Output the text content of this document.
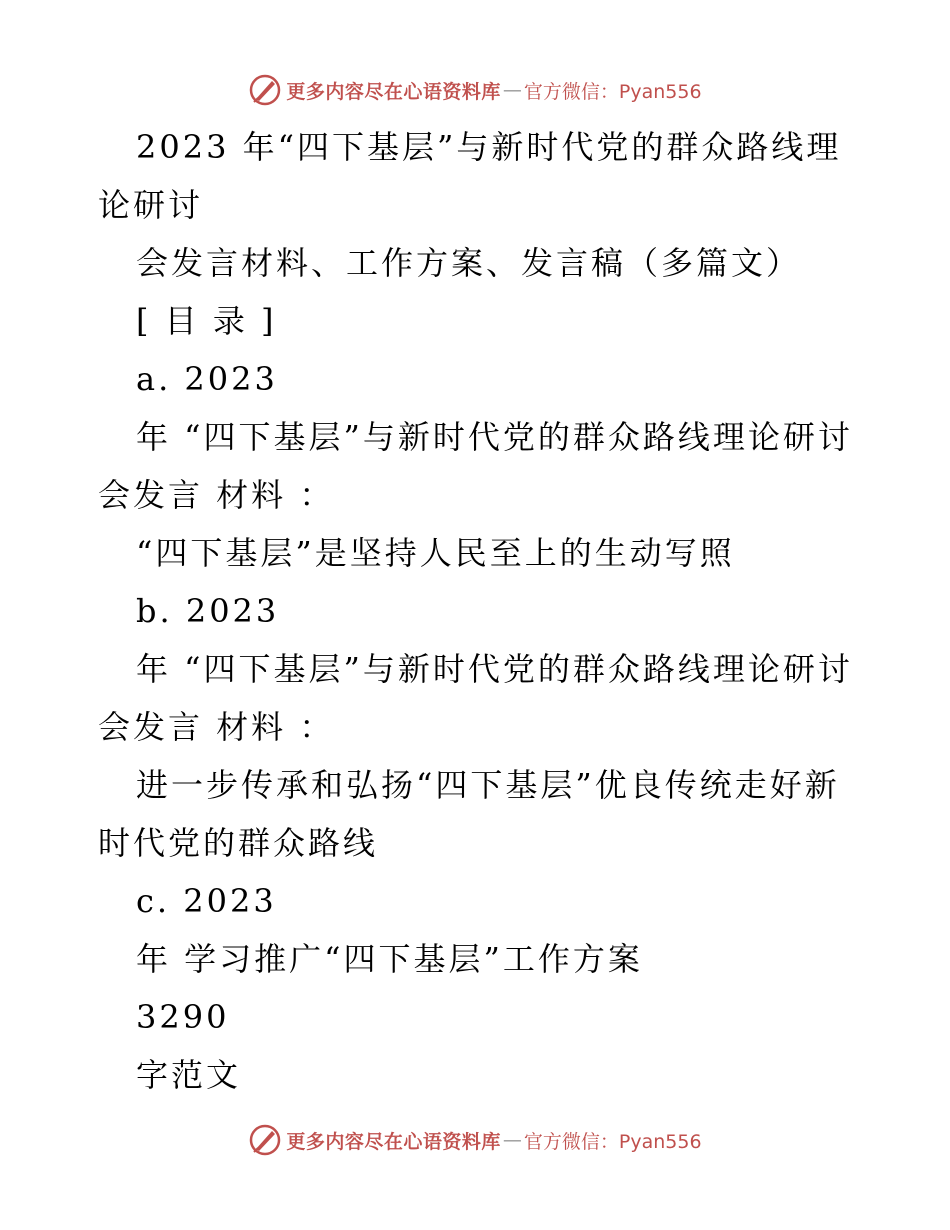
更多内容尽在心语资料库 — 官方微信：Pyan556

2023 年“四下基层”与新时代党的群众路线理论研讨

会发言材料、工作方案、发言稿（多篇文）

[ 目 录 ]

a. 2023

年 “四下基层”与新时代党的群众路线理论研讨会发言 材料 ：

“四下基层”是坚持人民至上的生动写照

b. 2023

年 “四下基层”与新时代党的群众路线理论研讨会发言 材料 ：

进一步传承和弘扬“四下基层”优良传统走好新时代党的群众路线

c. 2023

年 学习推广“四下基层”工作方案

3290

字范文

更多内容尽在心语资料库 — 官方微信：Pyan556
